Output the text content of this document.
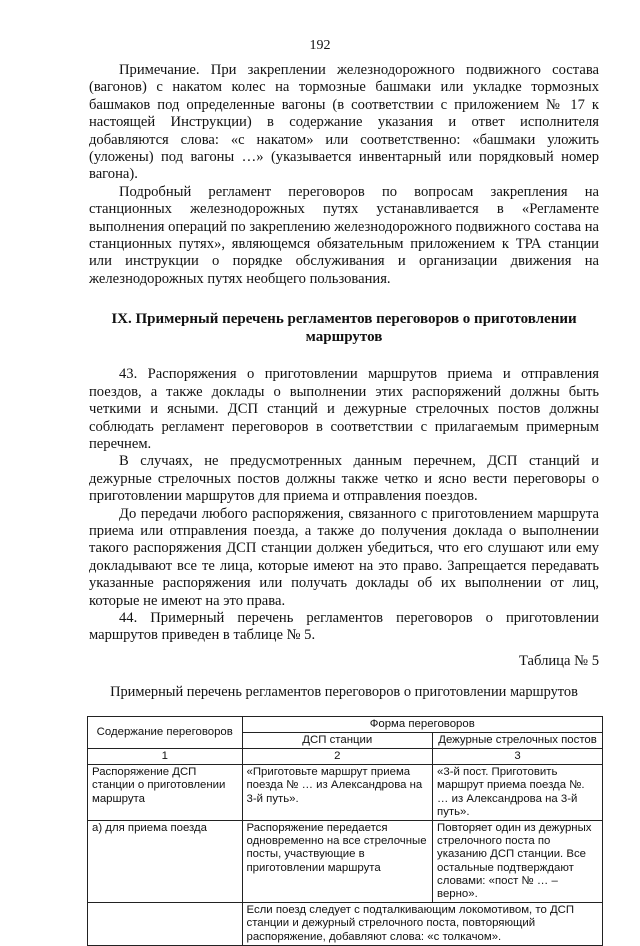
192

Примечание. При закреплении железнодорожного подвижного состава (вагонов) с накатом колес на тормозные башмаки или укладке тормозных башмаков под определенные вагоны (в соответствии с приложением № 17 к настоящей Инструкции) в содержание указания и ответ исполнителя добавляются слова: «с накатом» или соответственно: «башмаки уложить (уложены) под вагоны …» (указывается инвентарный или порядковый номер вагона).

Подробный регламент переговоров по вопросам закрепления на станционных железнодорожных путях устанавливается в «Регламенте выполнения операций по закреплению железнодорожного подвижного состава на станционных путях», являющемся обязательным приложением к ТРА станции или инструкции о порядке обслуживания и организации движения на железнодорожных путях необщего пользования.

IX. Примерный перечень регламентов переговоров о приготовлении маршрутов

43. Распоряжения о приготовлении маршрутов приема и отправления поездов, а также доклады о выполнении этих распоряжений должны быть четкими и ясными. ДСП станций и дежурные стрелочных постов должны соблюдать регламент переговоров в соответствии с прилагаемым примерным перечнем.

В случаях, не предусмотренных данным перечнем, ДСП станций и дежурные стрелочных постов должны также четко и ясно вести переговоры о приготовлении маршрутов для приема и отправления поездов.

До передачи любого распоряжения, связанного с приготовлением маршрута приема или отправления поезда, а также до получения доклада о выполнении такого распоряжения ДСП станции должен убедиться, что его слушают или ему докладывают все те лица, которые имеют на это право. Запрещается передавать указанные распоряжения или получать доклады об их выполнении от лиц, которые не имеют на это права.

44. Примерный перечень регламентов переговоров о приготовлении маршрутов приведен в таблице № 5.

Таблица № 5
Примерный перечень регламентов переговоров о приготовлении маршрутов
Содержание переговоров	Форма переговоров	
	ДСП станции	Дежурные стрелочных постов
1	2	3
Распоряжение ДСП станции о приготовлении маршрута	«Приготовьте маршрут приема поезда № … из Александрова на 3-й путь».	«3-й пост. Приготовить маршрут приема поезда №. … из Александрова на 3-й путь».
а) для приема поезда	Распоряжение передается одновременно на все стрелочные посты, участвующие в приготовлении маршрута	Повторяет один из дежурных стрелочного поста по указанию ДСП станции. Все остальные подтверждают словами: «пост № … – верно».
	Если поезд следует с подталкивающим локомотивом, то ДСП станции и дежурный стрелочного поста, повторяющий распоряжение, добавляют слова: «с толкачом».	
